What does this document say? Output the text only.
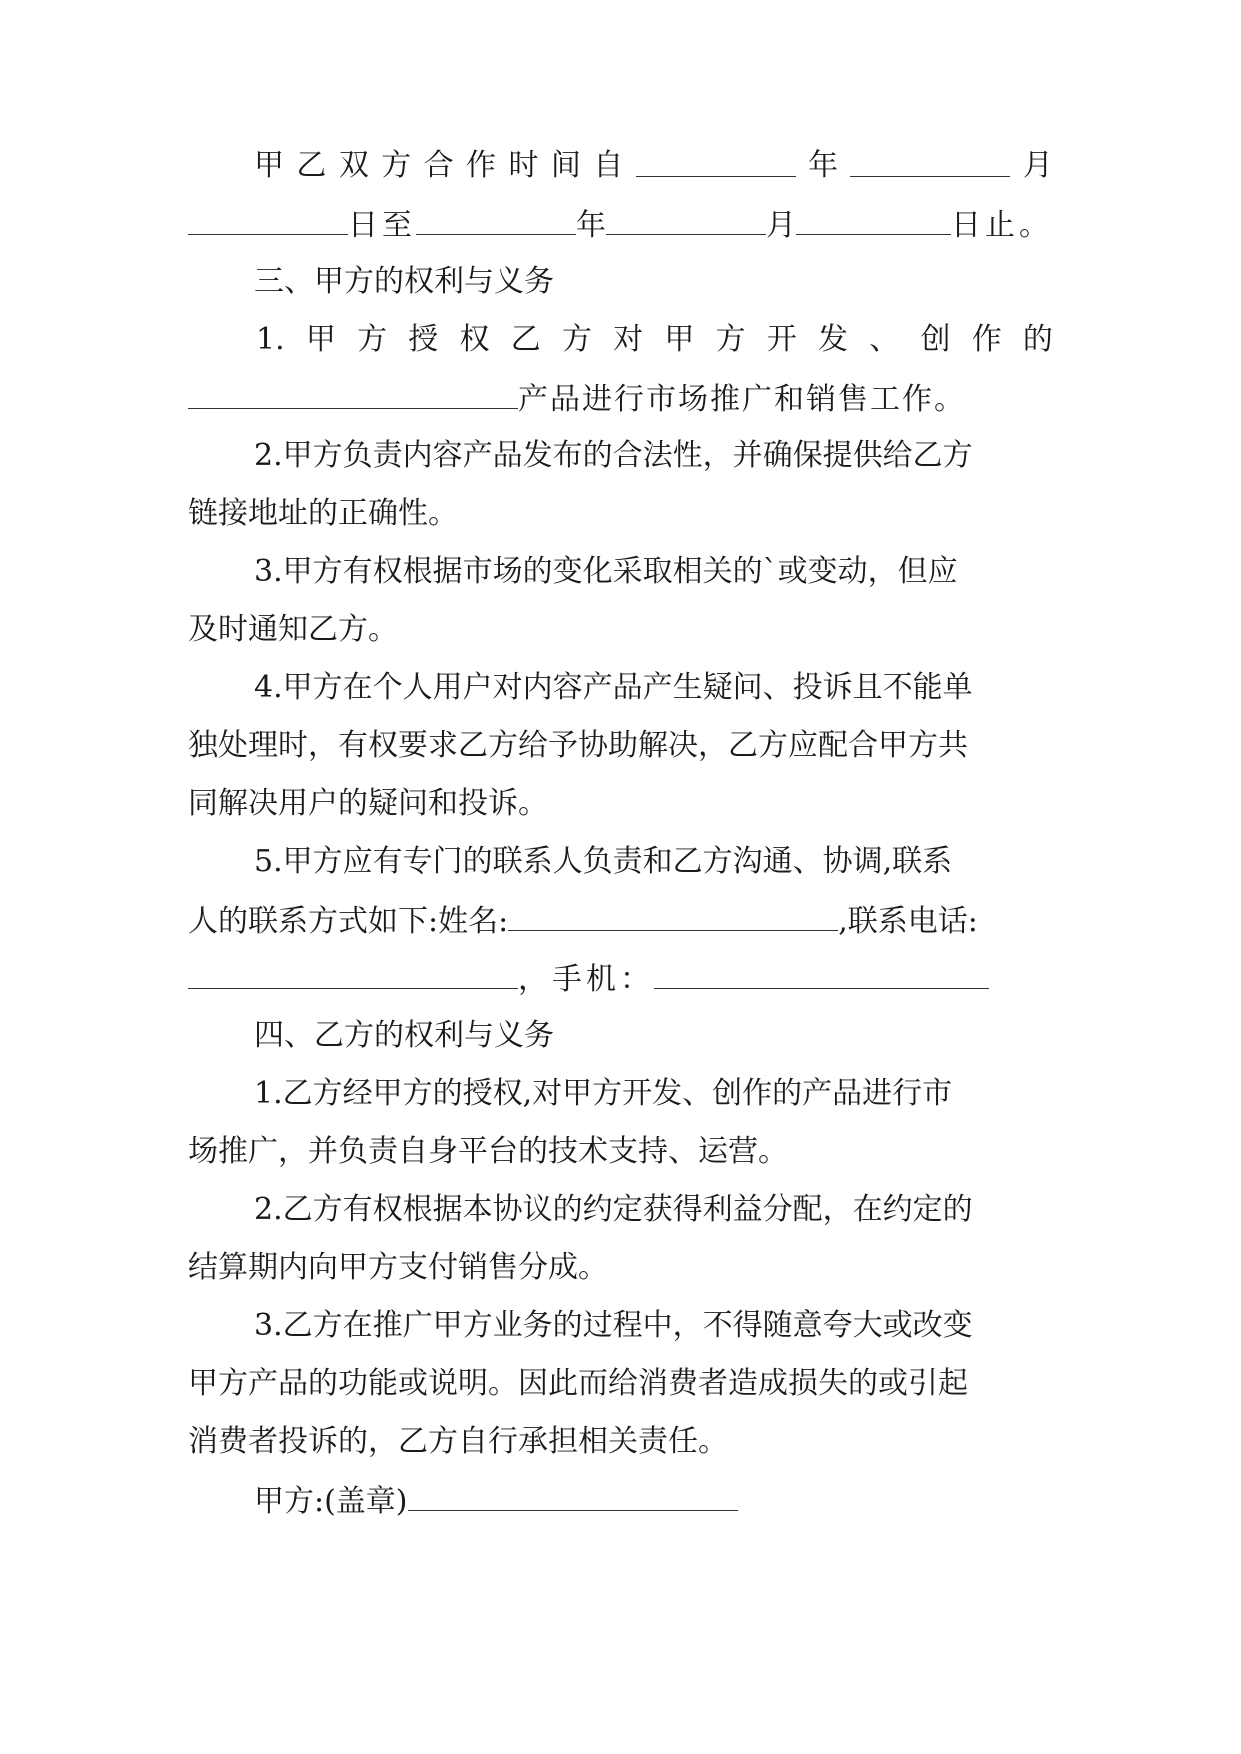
甲 乙 双 方 合 作 时 间 自	年	月
日至	年	月	日止。
三、甲方的权利与义务
1. 甲 方 授 权 乙 方 对 甲 方 开 发 、 创 作 的
产品进行市场推广和销售工作。
2.甲方负责内容产品发布的合法性，并确保提供给乙方
链接地址的正确性。
3.甲方有权根据市场的变化采取相关的`或变动，但应
及时通知乙方。
4.甲方在个人用户对内容产品产生疑问、投诉且不能单
独处理时，有权要求乙方给予协助解决，乙方应配合甲方共
同解决用户的疑问和投诉。
5.甲方应有专门的联系人负责和乙方沟通、协调,联系
人的联系方式如下:姓名:	,联系电话:
，手机：
四、乙方的权利与义务
1.乙方经甲方的授权,对甲方开发、创作的产品进行市
场推广，并负责自身平台的技术支持、运营。
2.乙方有权根据本协议的约定获得利益分配，在约定的
结算期内向甲方支付销售分成。
3.乙方在推广甲方业务的过程中，不得随意夸大或改变
甲方产品的功能或说明。因此而给消费者造成损失的或引起
消费者投诉的，乙方自行承担相关责任。
甲方:(盖章)
